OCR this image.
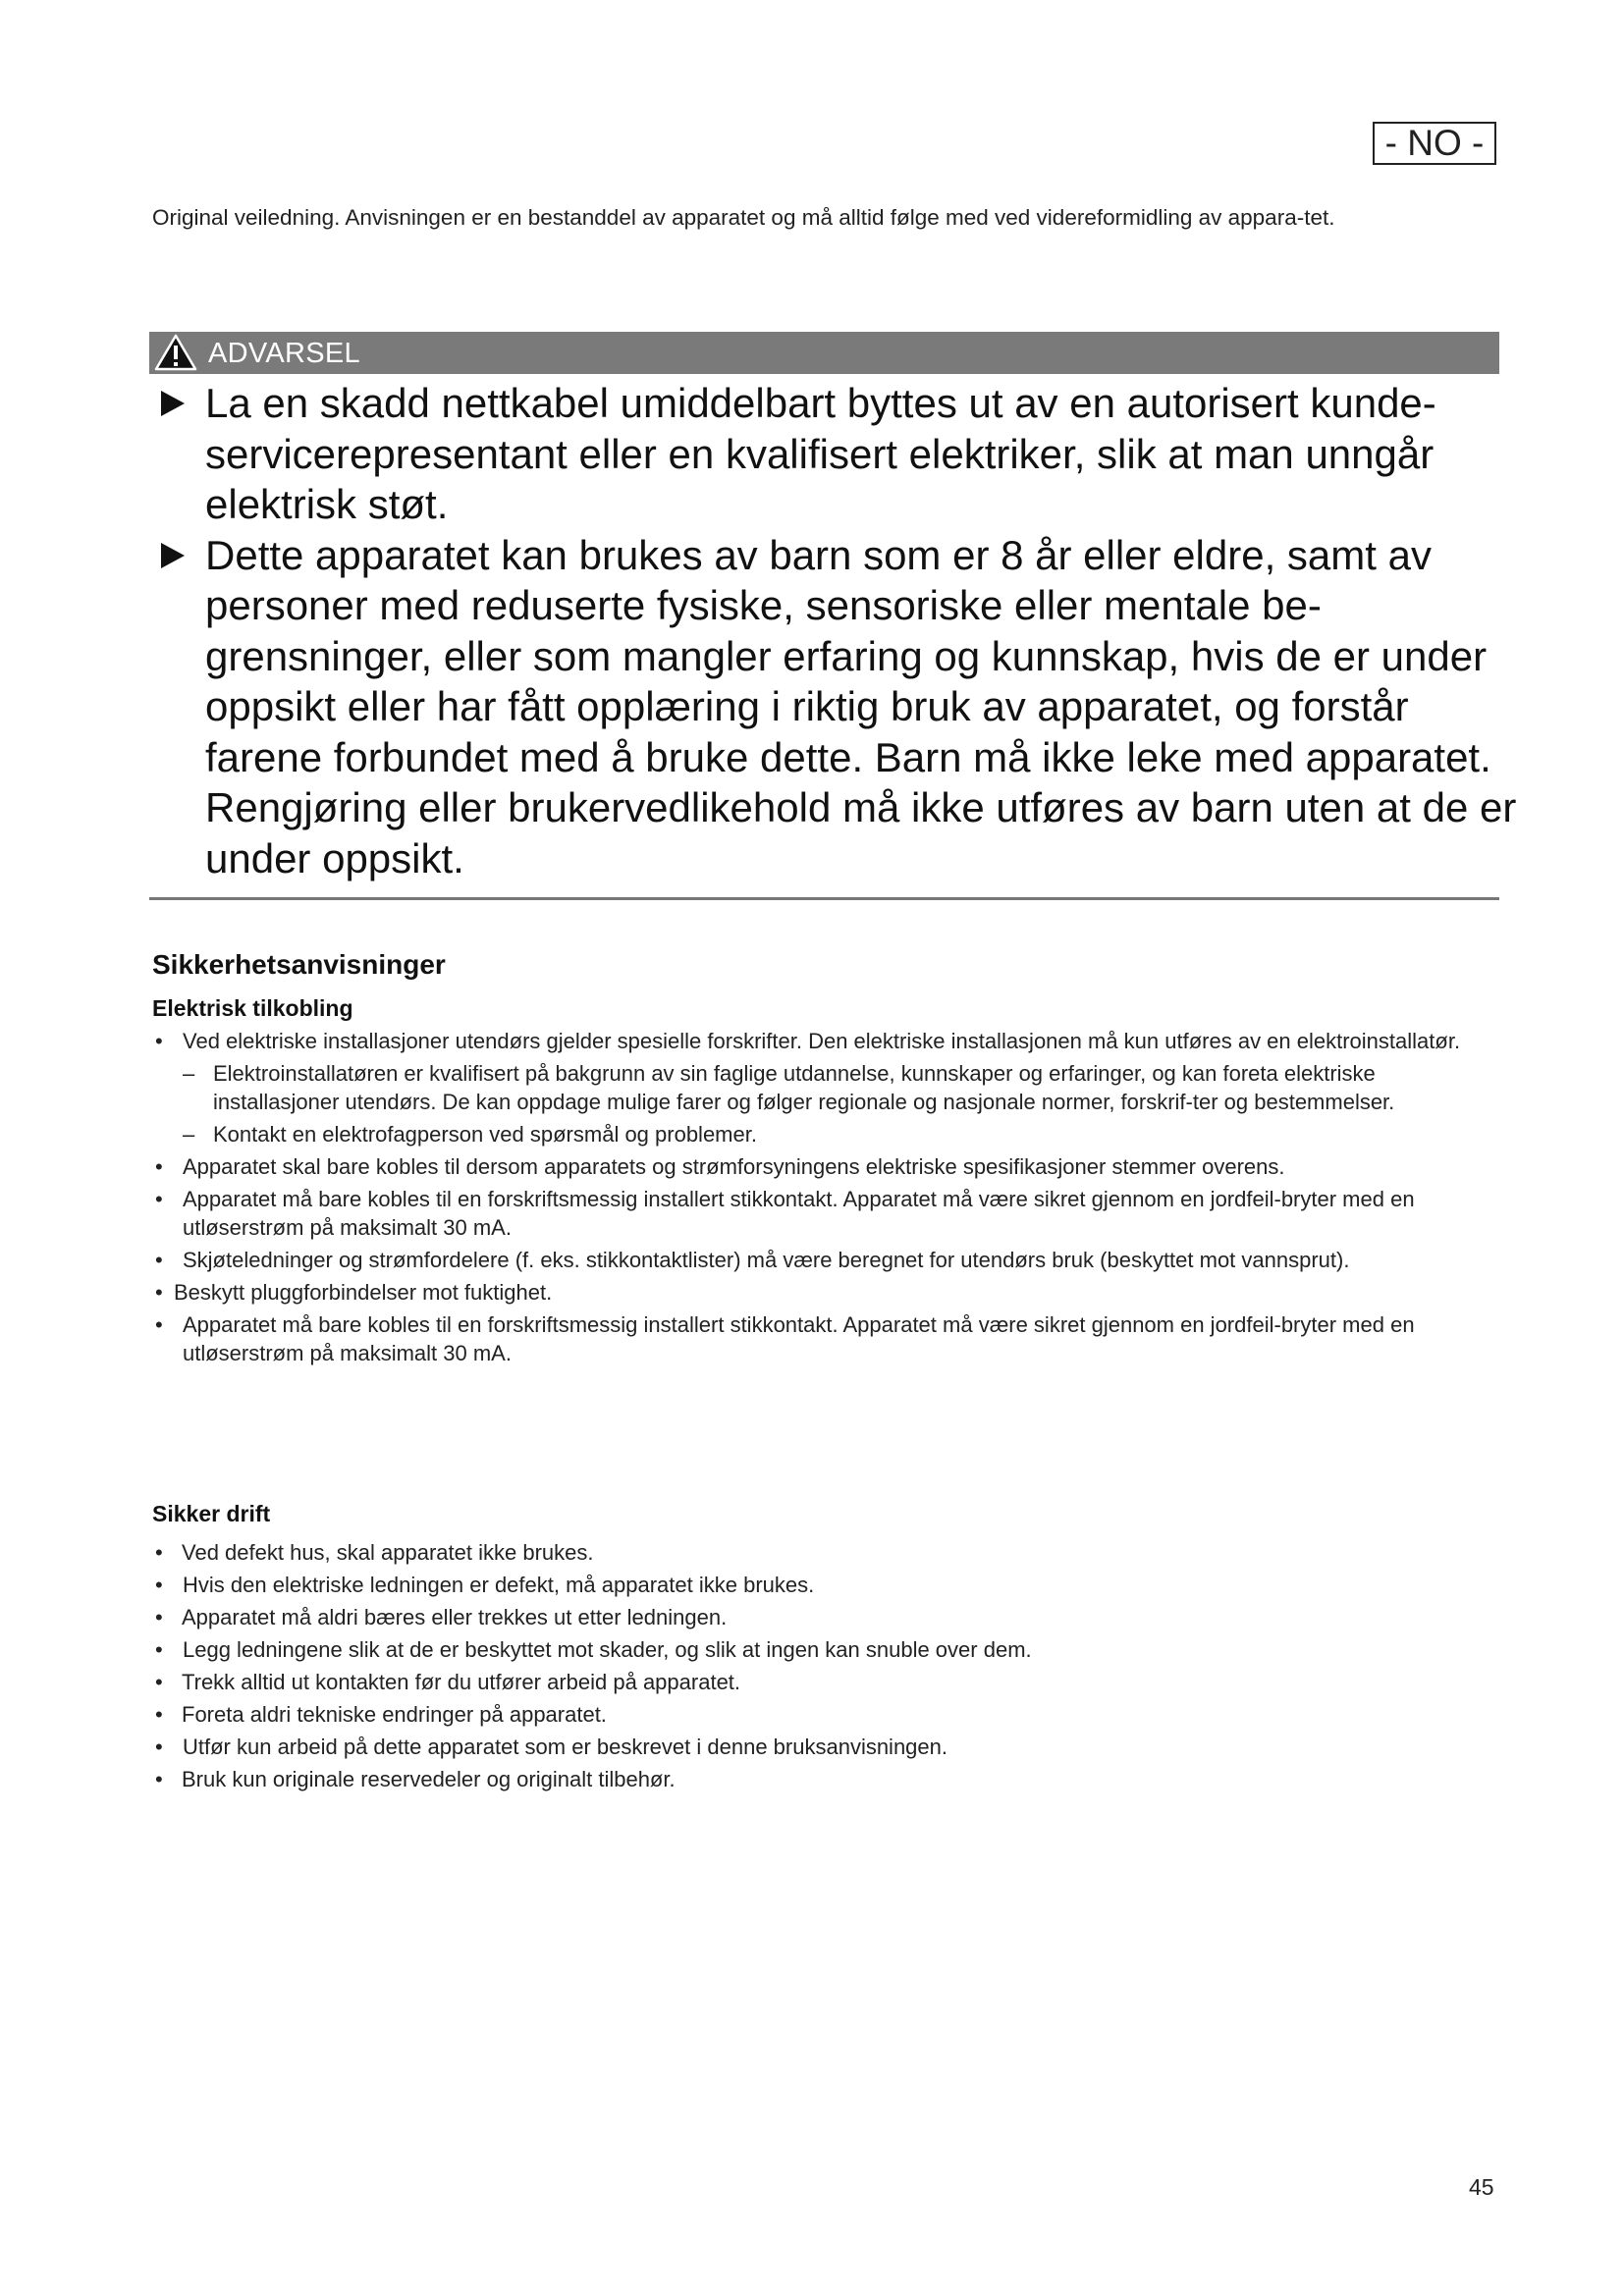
- NO -
Original veiledning. Anvisningen er en bestanddel av apparatet og må alltid følge med ved videreformidling av appara-tet.
ADVARSEL
La en skadd nettkabel umiddelbart byttes ut av en autorisert kunde-servicerepresentant eller en kvalifisert elektriker, slik at man unngår elektrisk støt.
Dette apparatet kan brukes av barn som er 8 år eller eldre, samt av personer med reduserte fysiske, sensoriske eller mentale be-grensninger, eller som mangler erfaring og kunnskap, hvis de er under oppsikt eller har fått opplæring i riktig bruk av apparatet, og forstår farene forbundet med å bruke dette. Barn må ikke leke med apparatet. Rengjøring eller brukervedlikehold må ikke utføres av barn uten at de er under oppsikt.
Sikkerhetsanvisninger
Elektrisk tilkobling
• Ved elektriske installasjoner utendørs gjelder spesielle forskrifter. Den elektriske installasjonen må kun utføres av en elektroinstallatør.
– Elektroinstallatøren er kvalifisert på bakgrunn av sin faglige utdannelse, kunnskaper og erfaringer, og kan foreta elektriske installasjoner utendørs. De kan oppdage mulige farer og følger regionale og nasjonale normer, forskrif-ter og bestemmelser.
– Kontakt en elektrofagperson ved spørsmål og problemer.
• Apparatet skal bare kobles til dersom apparatets og strømforsyningens elektriske spesifikasjoner stemmer overens.
• Apparatet må bare kobles til en forskriftsmessig installert stikkontakt. Apparatet må være sikret gjennom en jordfeil-bryter med en utløserstrøm på maksimalt 30 mA.
• Skjøteledninger og strømfordelere (f. eks. stikkontaktlister) må være beregnet for utendørs bruk (beskyttet mot vannsprut).
• Beskytt pluggforbindelser mot fuktighet.
• Apparatet må bare kobles til en forskriftsmessig installert stikkontakt. Apparatet må være sikret gjennom en jordfeil-bryter med en utløserstrøm på maksimalt 30 mA.
Sikker drift
• Ved defekt hus, skal apparatet ikke brukes.
• Hvis den elektriske ledningen er defekt, må apparatet ikke brukes.
• Apparatet må aldri bæres eller trekkes ut etter ledningen.
• Legg ledningene slik at de er beskyttet mot skader, og slik at ingen kan snuble over dem.
• Trekk alltid ut kontakten før du utfører arbeid på apparatet.
• Foreta aldri tekniske endringer på apparatet.
• Utfør kun arbeid på dette apparatet som er beskrevet i denne bruksanvisningen.
• Bruk kun originale reservedeler og originalt tilbehør.
45
